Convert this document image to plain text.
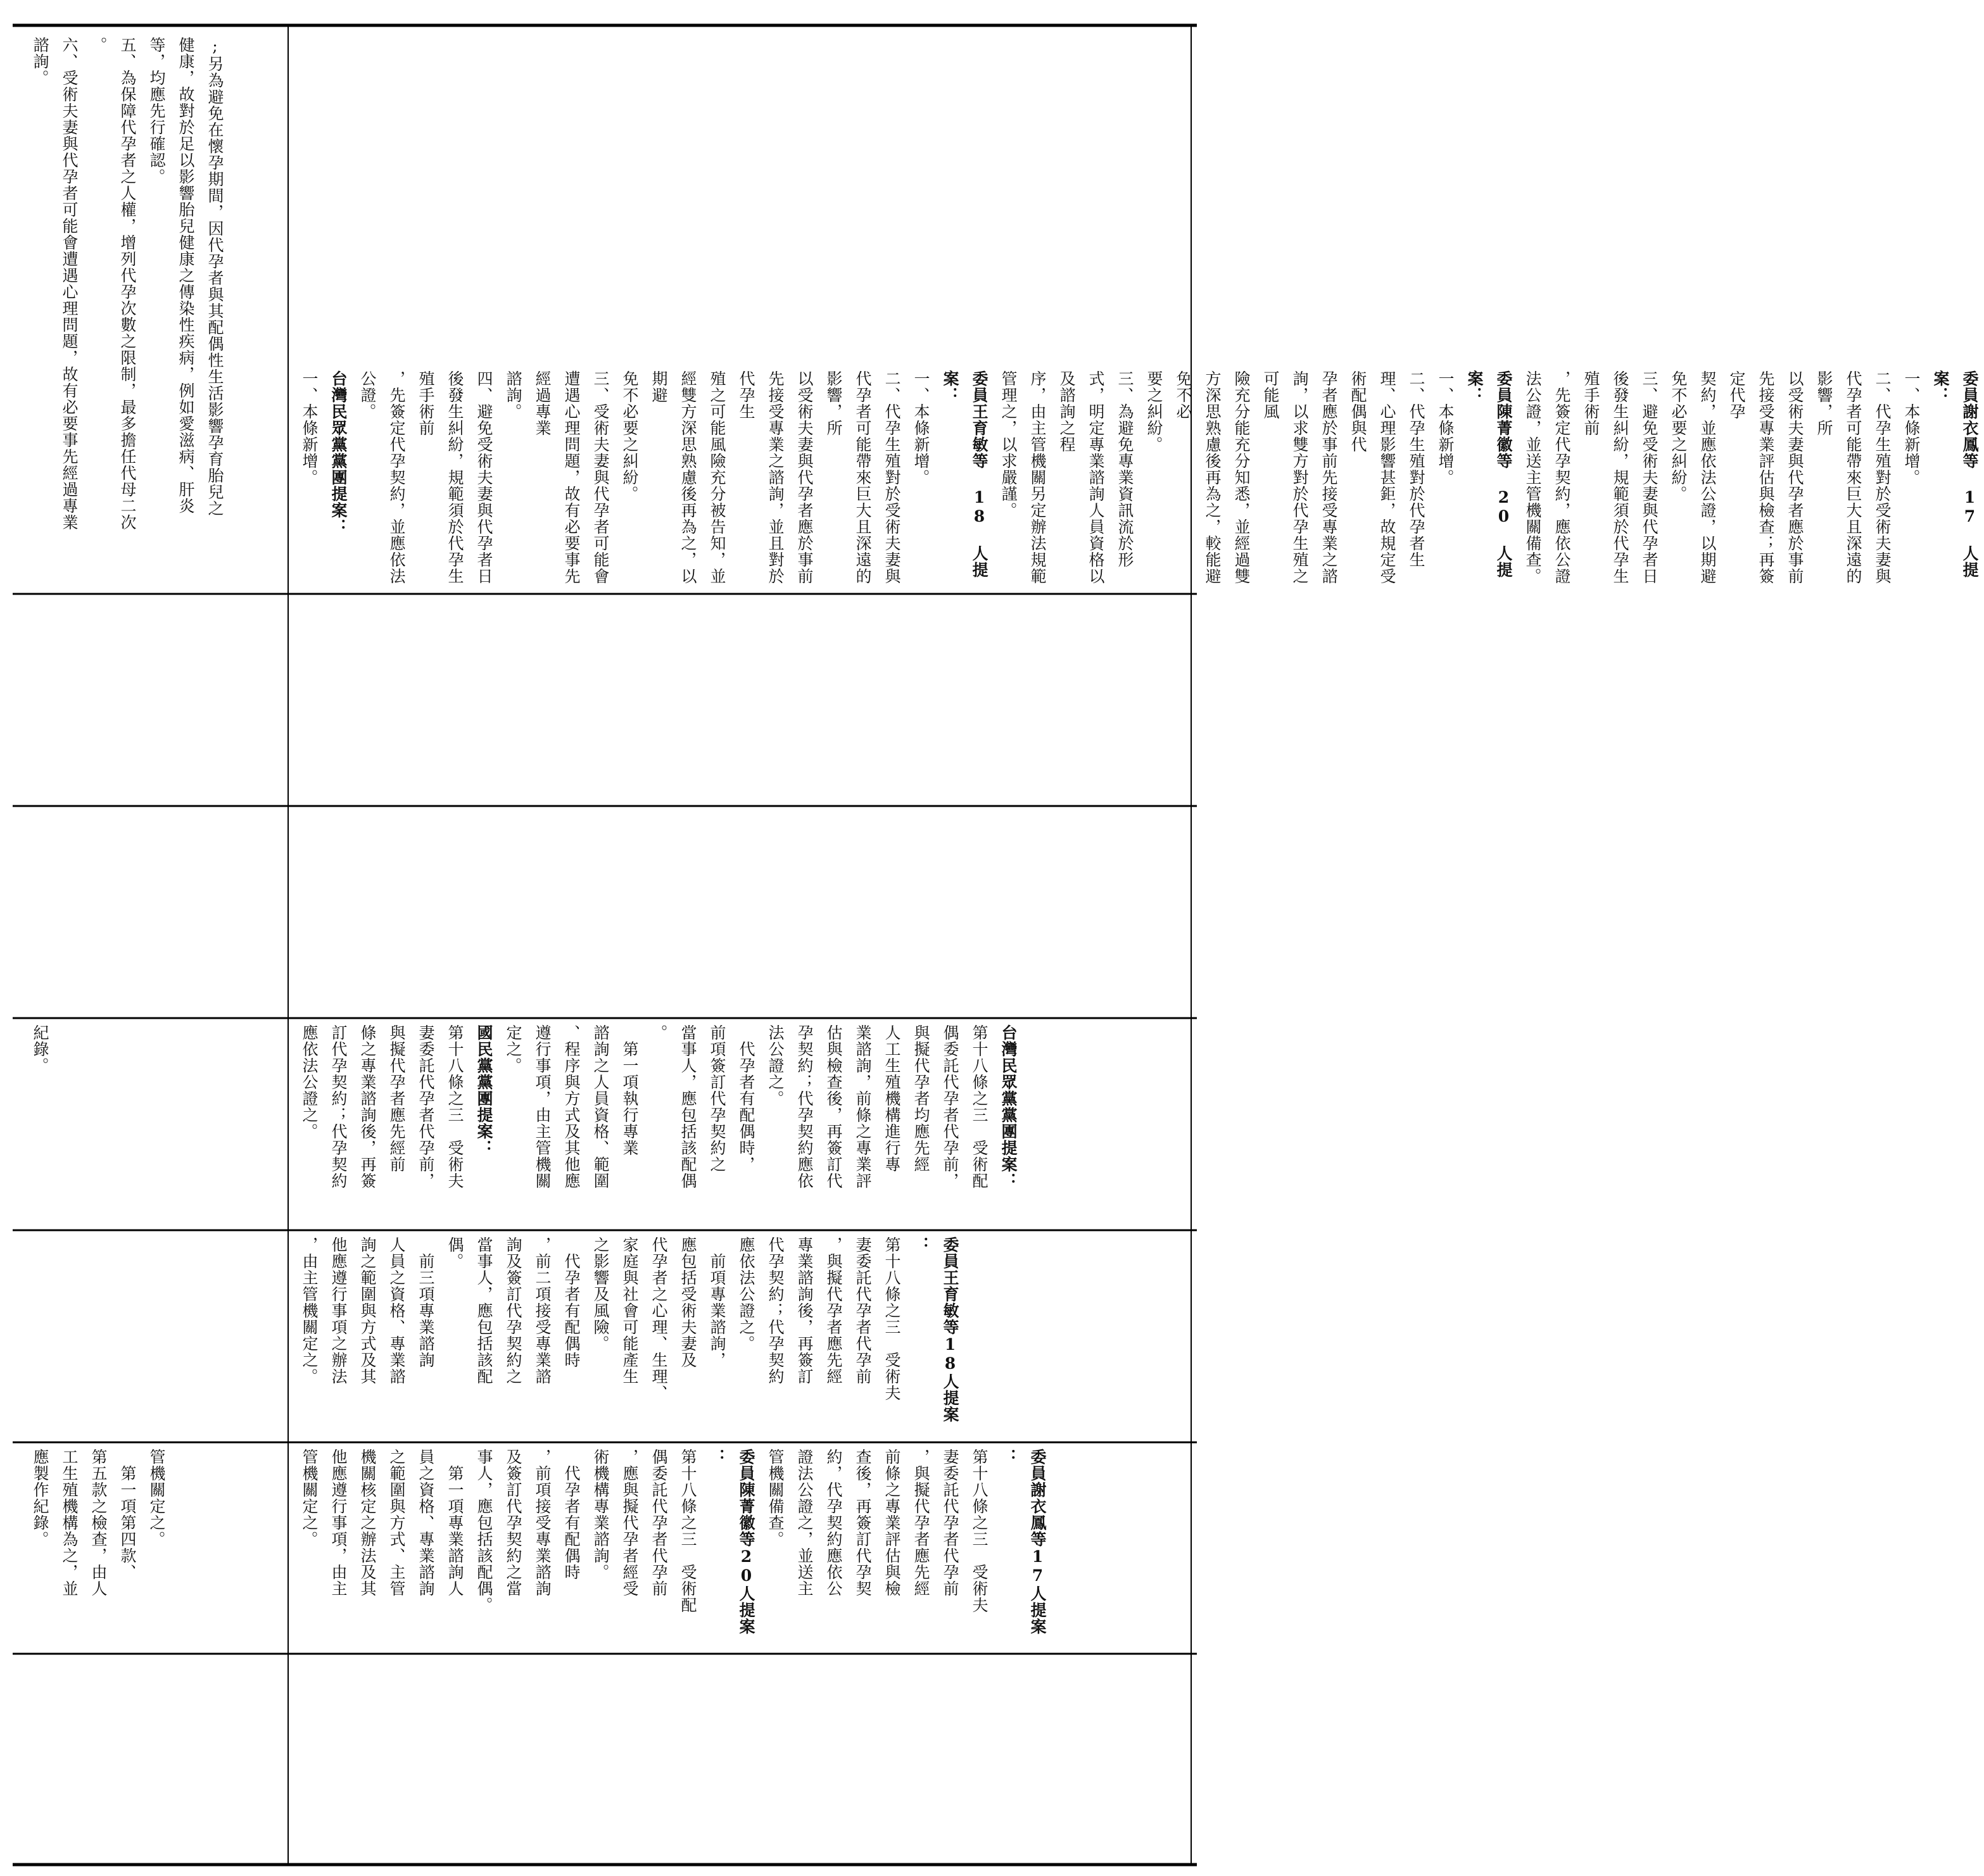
;另為避免在懷孕期間，因代孕者與其配偶性生活影響孕育胎兒之

健康，故對於足以影響胎兒健康之傳染性疾病，例如愛滋病、肝炎

等，均應先行確認。

五、為保障代孕者之人權，增列代孕次數之限制，最多擔任代母二次

。

六、受術夫妻與代孕者可能會遭遇心理問題，故有必要事先經過專業

諮詢。

委員謝衣鳳等 17 人提案：

一、本條新增。

二、代孕生殖對於受術夫妻與代孕者可能帶來巨大且深遠的影響，所

以受術夫妻與代孕者應於事前先接受專業評估與檢查；再簽定代孕

契約，並應依法公證，以期避免不必要之糾紛。

三、避免受術夫妻與代孕者日後發生糾紛，規範須於代孕生殖手術前

，先簽定代孕契約，應依公證法公證，並送主管機關備查。

委員陳菁徽等 20 人提案：

一、本條新增。

二、代孕生殖對於代孕者生理、心理影響甚鉅，故規定受術配偶與代

孕者應於事前先接受專業之諮詢，以求雙方對於代孕生殖之可能風

險充分能充分知悉，並經過雙方深思熟慮後再為之，較能避免不必

要之糾紛。

三、為避免專業資訊流於形式，明定專業諮詢人員資格以及諮詢之程

序，由主管機關另定辦法規範管理之，以求嚴謹。

委員王育敏等 18 人提案：

一、本條新增。

二、代孕生殖對於受術夫妻與代孕者可能帶來巨大且深遠的影響，所

以受術夫妻與代孕者應於事前先接受專業之諮詢，並且對於代孕生

殖之可能風險充分被告知，並經雙方深思熟慮後再為之，以期避

免不必要之糾紛。

三、受術夫妻與代孕者可能會遭遇心理問題，故有必要事先經過專業

諮詢。

四、避免受術夫妻與代孕者日後發生糾紛，規範須於代孕生殖手術前

，先簽定代孕契約，並應依法公證。

台灣民眾黨黨團提案：

一、本條新增。

紀錄。	台灣民眾黨黨團提案：

第十八條之三　受術配

偶委託代孕者代孕前，

與擬代孕者均應先經

人工生殖機構進行專

業諮詢，前條之專業評

估與檢查後，再簽訂代

孕契約；代孕契約應依

法公證之。

　代孕者有配偶時，

前項簽訂代孕契約之

當事人，應包括該配偶

。

　第一項執行專業

諮詢之人員資格、範圍

、程序與方式及其他應

遵行事項，由主管機關

定之。

國民黨黨團提案：

第十八條之三　受術夫

妻委託代孕者代孕前，

與擬代孕者應先經前

條之專業諮詢後，再簽

訂代孕契約；代孕契約

應依法公證之。

委員王育敏等18人提案

：

第十八條之三　受術夫

妻委託代孕者代孕前

，與擬代孕者應先經

專業諮詢後，再簽訂

代孕契約；代孕契約

應依法公證之。

　前項專業諮詢，

應包括受術夫妻及

代孕者之心理、生理、

家庭與社會可能產生

之影響及風險。

　代孕者有配偶時

，前二項接受專業諮

詢及簽訂代孕契約之

當事人，應包括該配

偶。

　前三項專業諮詢

人員之資格、專業諮

詢之範圍與方式及其

他應遵行事項之辦法

，由主管機關定之。

管機關定之。

　第一項第四款、

第五款之檢查，由人

工生殖機構為之，並

應製作紀錄。	委員謝衣鳳等17人提案

：

第十八條之三　受術夫

妻委託代孕者代孕前

，與擬代孕者應先經

前條之專業評估與檢

查後，再簽訂代孕契

約，代孕契約應依公

證法公證之，並送主

管機關備查。

委員陳菁徽等20人提案

：

第十八條之三　受術配

偶委託代孕者代孕前

，應與擬代孕者經受

術機構專業諮詢。

　代孕者有配偶時

，前項接受專業諮詢

及簽訂代孕契約之當

事人，應包括該配偶。

　第一項專業諮詢人

員之資格、專業諮詢

之範圍與方式、主管

機關核定之辦法及其

他應遵行事項，由主

管機關定之。
